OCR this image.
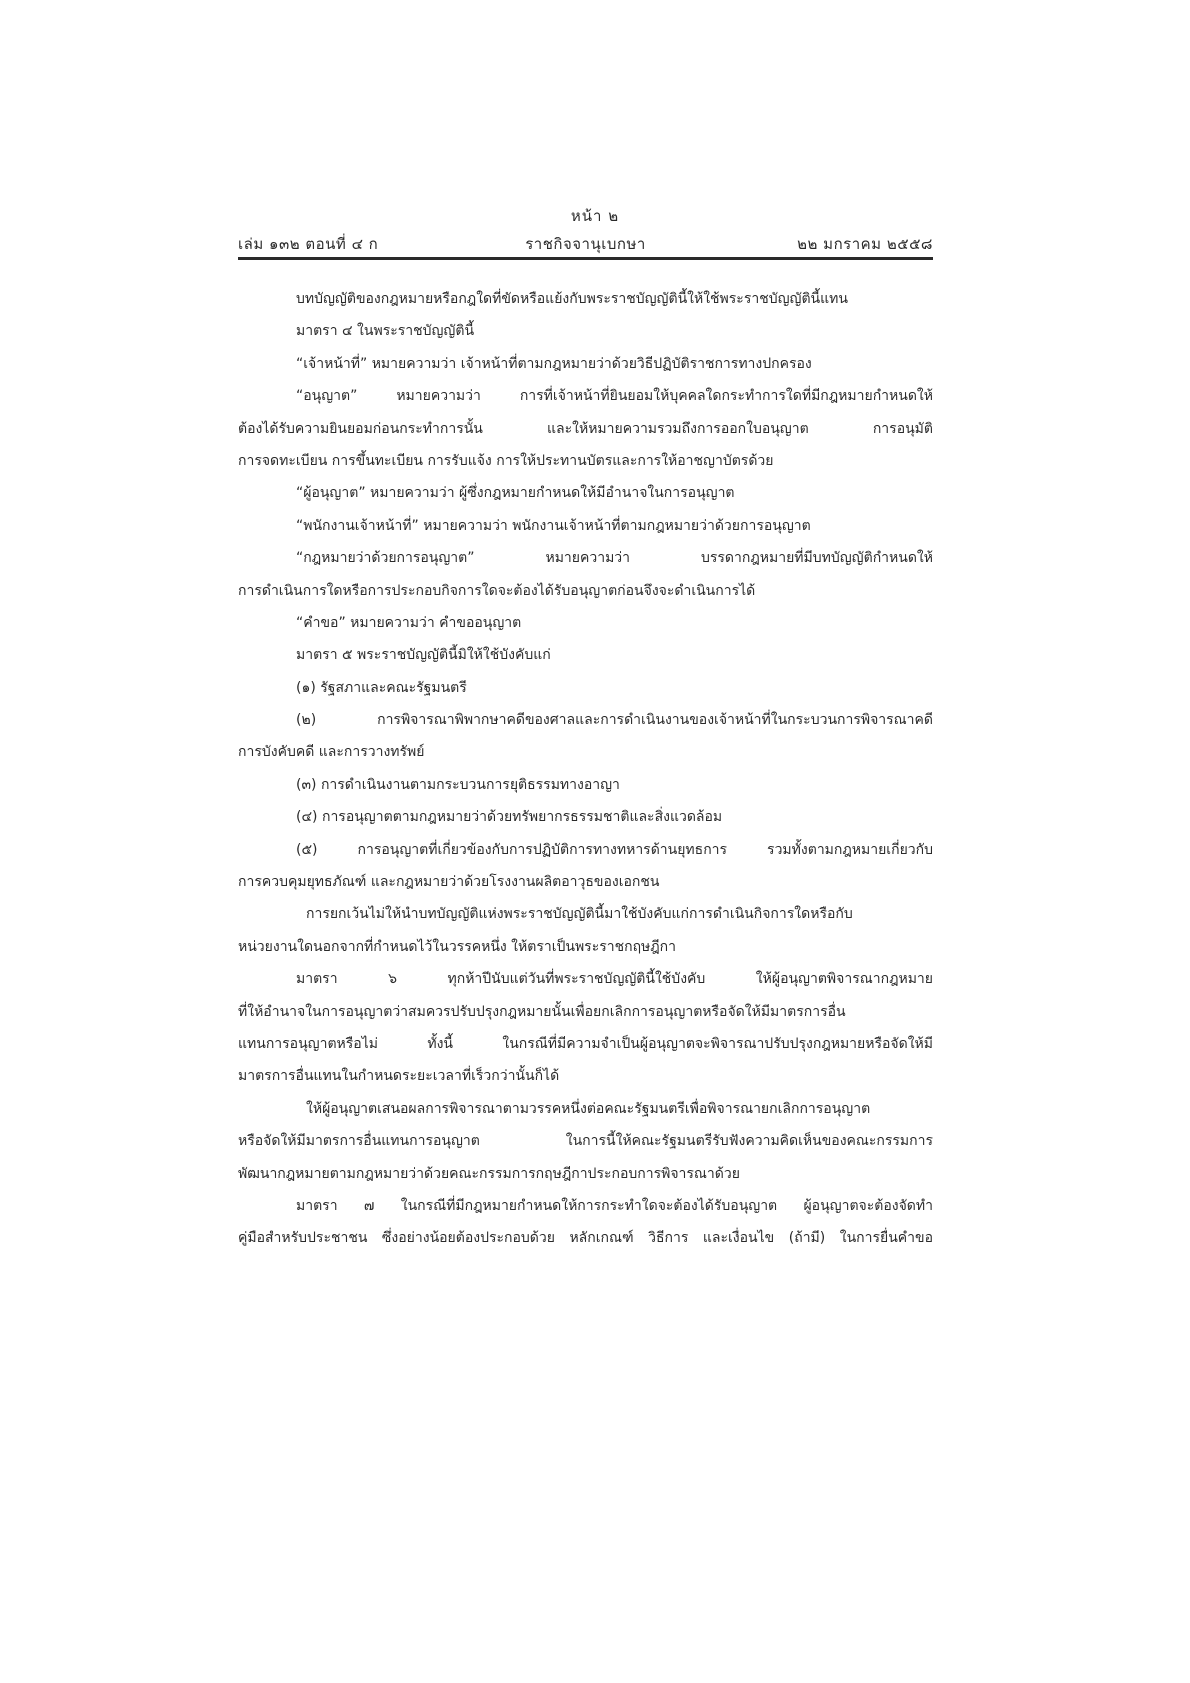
หน้า ๒
เล่ม ๑๓๒ ตอนที่ ๔ ก	ราชกิจจานุเบกษา	๒๒ มกราคม ๒๕๕๘
บทบัญญัติของกฎหมายหรือกฎใดที่ขัดหรือแย้งกับพระราชบัญญัตินี้ให้ใช้พระราชบัญญัตินี้แทน
มาตรา ๔ ในพระราชบัญญัตินี้
“เจ้าหน้าที่” หมายความว่า เจ้าหน้าที่ตามกฎหมายว่าด้วยวิธีปฏิบัติราชการทางปกครอง
“อนุญาต” หมายความว่า การที่เจ้าหน้าที่ยินยอมให้บุคคลใดกระทำการใดที่มีกฎหมายกำหนดให้
ต้องได้รับความยินยอมก่อนกระทำการนั้น และให้หมายความรวมถึงการออกใบอนุญาต การอนุมัติ
การจดทะเบียน การขึ้นทะเบียน การรับแจ้ง การให้ประทานบัตรและการให้อาชญาบัตรด้วย
“ผู้อนุญาต” หมายความว่า ผู้ซึ่งกฎหมายกำหนดให้มีอำนาจในการอนุญาต
“พนักงานเจ้าหน้าที่” หมายความว่า พนักงานเจ้าหน้าที่ตามกฎหมายว่าด้วยการอนุญาต
“กฎหมายว่าด้วยการอนุญาต” หมายความว่า บรรดากฎหมายที่มีบทบัญญัติกำหนดให้
การดำเนินการใดหรือการประกอบกิจการใดจะต้องได้รับอนุญาตก่อนจึงจะดำเนินการได้
“คำขอ” หมายความว่า คำขออนุญาต
มาตรา ๕ พระราชบัญญัตินี้มิให้ใช้บังคับแก่
(๑) รัฐสภาและคณะรัฐมนตรี
(๒) การพิจารณาพิพากษาคดีของศาลและการดำเนินงานของเจ้าหน้าที่ในกระบวนการพิจารณาคดี
การบังคับคดี และการวางทรัพย์
(๓) การดำเนินงานตามกระบวนการยุติธรรมทางอาญา
(๔) การอนุญาตตามกฎหมายว่าด้วยทรัพยากรธรรมชาติและสิ่งแวดล้อม
(๕) การอนุญาตที่เกี่ยวข้องกับการปฏิบัติการทางทหารด้านยุทธการ รวมทั้งตามกฎหมายเกี่ยวกับ
การควบคุมยุทธภัณฑ์ และกฎหมายว่าด้วยโรงงานผลิตอาวุธของเอกชน
การยกเว้นไม่ให้นำบทบัญญัติแห่งพระราชบัญญัตินี้มาใช้บังคับแก่การดำเนินกิจการใดหรือกับ
หน่วยงานใดนอกจากที่กำหนดไว้ในวรรคหนึ่ง ให้ตราเป็นพระราชกฤษฎีกา
มาตรา ๖ ทุกห้าปีนับแต่วันที่พระราชบัญญัตินี้ใช้บังคับ ให้ผู้อนุญาตพิจารณากฎหมาย
ที่ให้อำนาจในการอนุญาตว่าสมควรปรับปรุงกฎหมายนั้นเพื่อยกเลิกการอนุญาตหรือจัดให้มีมาตรการอื่น
แทนการอนุญาตหรือไม่ ทั้งนี้ ในกรณีที่มีความจำเป็นผู้อนุญาตจะพิจารณาปรับปรุงกฎหมายหรือจัดให้มี
มาตรการอื่นแทนในกำหนดระยะเวลาที่เร็วกว่านั้นก็ได้
ให้ผู้อนุญาตเสนอผลการพิจารณาตามวรรคหนึ่งต่อคณะรัฐมนตรีเพื่อพิจารณายกเลิกการอนุญาต
หรือจัดให้มีมาตรการอื่นแทนการอนุญาต ในการนี้ให้คณะรัฐมนตรีรับฟังความคิดเห็นของคณะกรรมการ
พัฒนากฎหมายตามกฎหมายว่าด้วยคณะกรรมการกฤษฎีกาประกอบการพิจารณาด้วย
มาตรา ๗ ในกรณีที่มีกฎหมายกำหนดให้การกระทำใดจะต้องได้รับอนุญาต ผู้อนุญาตจะต้องจัดทำ
คู่มือสำหรับประชาชน ซึ่งอย่างน้อยต้องประกอบด้วย หลักเกณฑ์ วิธีการ และเงื่อนไข (ถ้ามี) ในการยื่นคำขอ
